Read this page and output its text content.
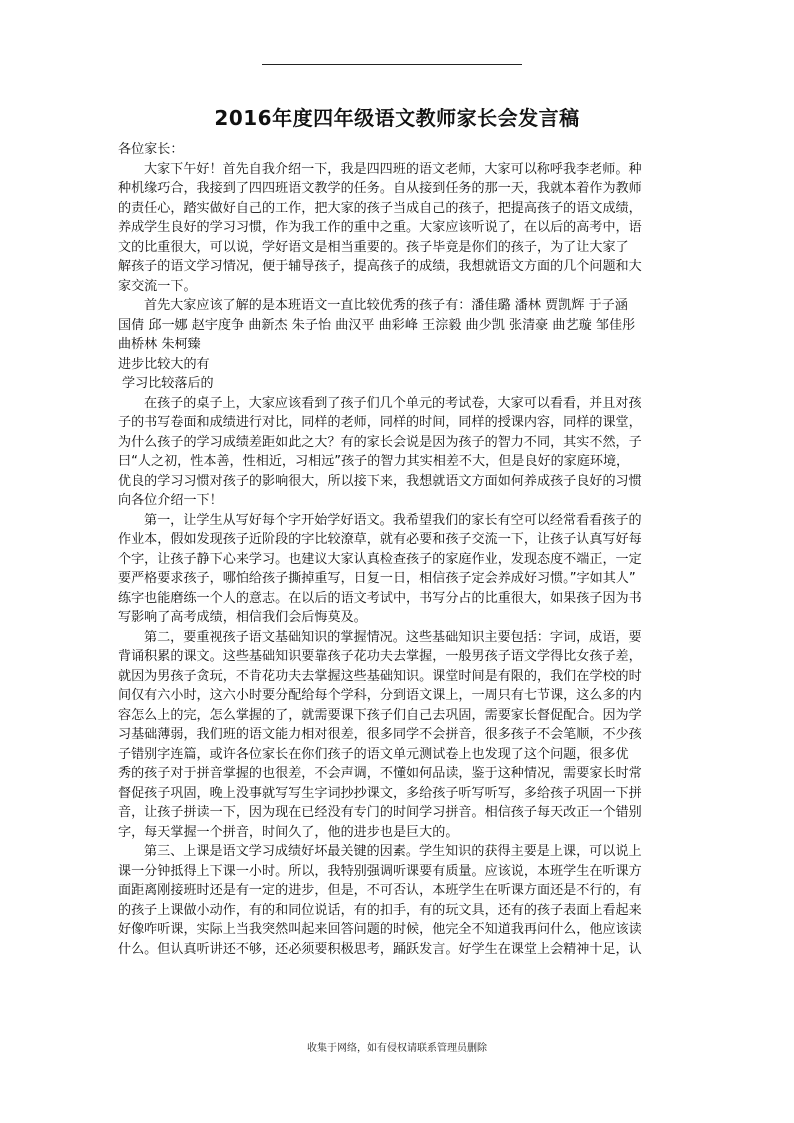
2016年度四年级语文教师家长会发言稿
各位家长：
大家下午好！首先自我介绍一下，我是四四班的语文老师，大家可以称呼我李老师。种
种机缘巧合，我接到了四四班语文教学的任务。自从接到任务的那一天，我就本着作为教师
的责任心，踏实做好自己的工作，把大家的孩子当成自己的孩子，把提高孩子的语文成绩，
养成学生良好的学习习惯，作为我工作的重中之重。大家应该听说了，在以后的高考中，语
文的比重很大，可以说，学好语文是相当重要的。孩子毕竟是你们的孩子，为了让大家了
解孩子的语文学习情况，便于辅导孩子，提高孩子的成绩，我想就语文方面的几个问题和大
家交流一下。
首先大家应该了解的是本班语文一直比较优秀的孩子有：潘佳璐 潘林 贾凯辉 于子涵
国倩 邱一娜 赵宇度争 曲新杰 朱子怡 曲汉平 曲彩峰 王淙毅 曲少凯 张清豪 曲艺璇 邹佳彤
曲桥林 朱柯臻
进步比较大的有
学习比较落后的
在孩子的桌子上，大家应该看到了孩子们几个单元的考试卷，大家可以看看，并且对孩
子的书写卷面和成绩进行对比，同样的老师，同样的时间，同样的授课内容，同样的课堂，
为什么孩子的学习成绩差距如此之大？有的家长会说是因为孩子的智力不同，其实不然，子
曰“人之初，性本善，性相近，习相远”孩子的智力其实相差不大，但是良好的家庭环境，
优良的学习习惯对孩子的影响很大，所以接下来，我想就语文方面如何养成孩子良好的习惯
向各位介绍一下！
第一，让学生从写好每个字开始学好语文。我希望我们的家长有空可以经常看看孩子的
作业本，假如发现孩子近阶段的字比较潦草，就有必要和孩子交流一下，让孩子认真写好每
个字，让孩子静下心来学习。也建议大家认真检查孩子的家庭作业，发现态度不端正，一定
要严格要求孩子，哪怕给孩子撕掉重写，日复一日，相信孩子定会养成好习惯。”字如其人”
练字也能磨练一个人的意志。在以后的语文考试中，书写分占的比重很大，如果孩子因为书
写影响了高考成绩，相信我们会后悔莫及。
第二，要重视孩子语文基础知识的掌握情况。这些基础知识主要包括：字词，成语，要
背诵积累的课文。这些基础知识要靠孩子花功夫去掌握，一般男孩子语文学得比女孩子差，
就因为男孩子贪玩，不肯花功夫去掌握这些基础知识。课堂时间是有限的，我们在学校的时
间仅有六小时，这六小时要分配给每个学科，分到语文课上，一周只有七节课，这么多的内
容怎么上的完，怎么掌握的了，就需要课下孩子们自己去巩固，需要家长督促配合。因为学
习基础薄弱，我们班的语文能力相对很差，很多同学不会拼音，很多孩子不会笔顺，不少孩
子错别字连篇，或许各位家长在你们孩子的语文单元测试卷上也发现了这个问题，很多优
秀的孩子对于拼音掌握的也很差，不会声调，不懂如何品读，鉴于这种情况，需要家长时常
督促孩子巩固，晚上没事就写写生字词抄抄课文，多给孩子听写听写，多给孩子巩固一下拼
音，让孩子拼读一下，因为现在已经没有专门的时间学习拼音。相信孩子每天改正一个错别
字，每天掌握一个拼音，时间久了，他的进步也是巨大的。
第三、上课是语文学习成绩好坏最关键的因素。学生知识的获得主要是上课，可以说上
课一分钟抵得上下课一小时。所以，我特别强调听课要有质量。应该说，本班学生在听课方
面距离刚接班时还是有一定的进步，但是，不可否认，本班学生在听课方面还是不行的，有
的孩子上课做小动作，有的和同位说话，有的扣手，有的玩文具，还有的孩子表面上看起来
好像咋听课，实际上当我突然叫起来回答问题的时候，他完全不知道我再问什么，他应该读
什么。但认真听讲还不够，还必须要积极思考，踊跃发言。好学生在课堂上会精神十足，认
收集于网络，如有侵权请联系管理员删除
